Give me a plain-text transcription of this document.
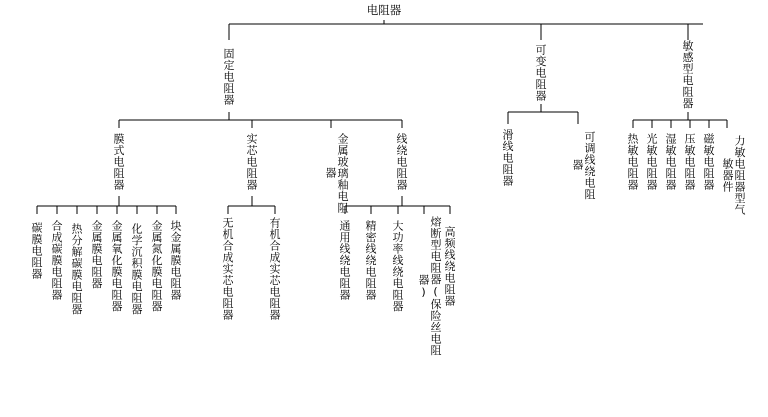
电阻器
固定电阻器	可变电阻器	敏感型电阻器
膜式电阻器	实芯电阻器	金属玻璃釉电阻器	线绕电阻器	滑线电阻器	可调线绕电阻器	热敏电阻器 光敏电阻器 湿敏电阻器 压敏电阻器 磁敏电阻器	力敏电阻器型气敏器件
碳膜电阻器 合成碳膜电阻器 热分解碳膜电阻器 金属膜电阻器 金属氧化膜电阻器 化学沉积膜电阻器 金属氮化膜电阻器 块金属膜电阻器	无机合成实芯电阻器	有机合成实芯电阻器	通用线绕电阻器 精密线绕电阻器 大功率线绕电阻器	熔断型电阻器(保险丝电阻器)	高频线绕电阻器
